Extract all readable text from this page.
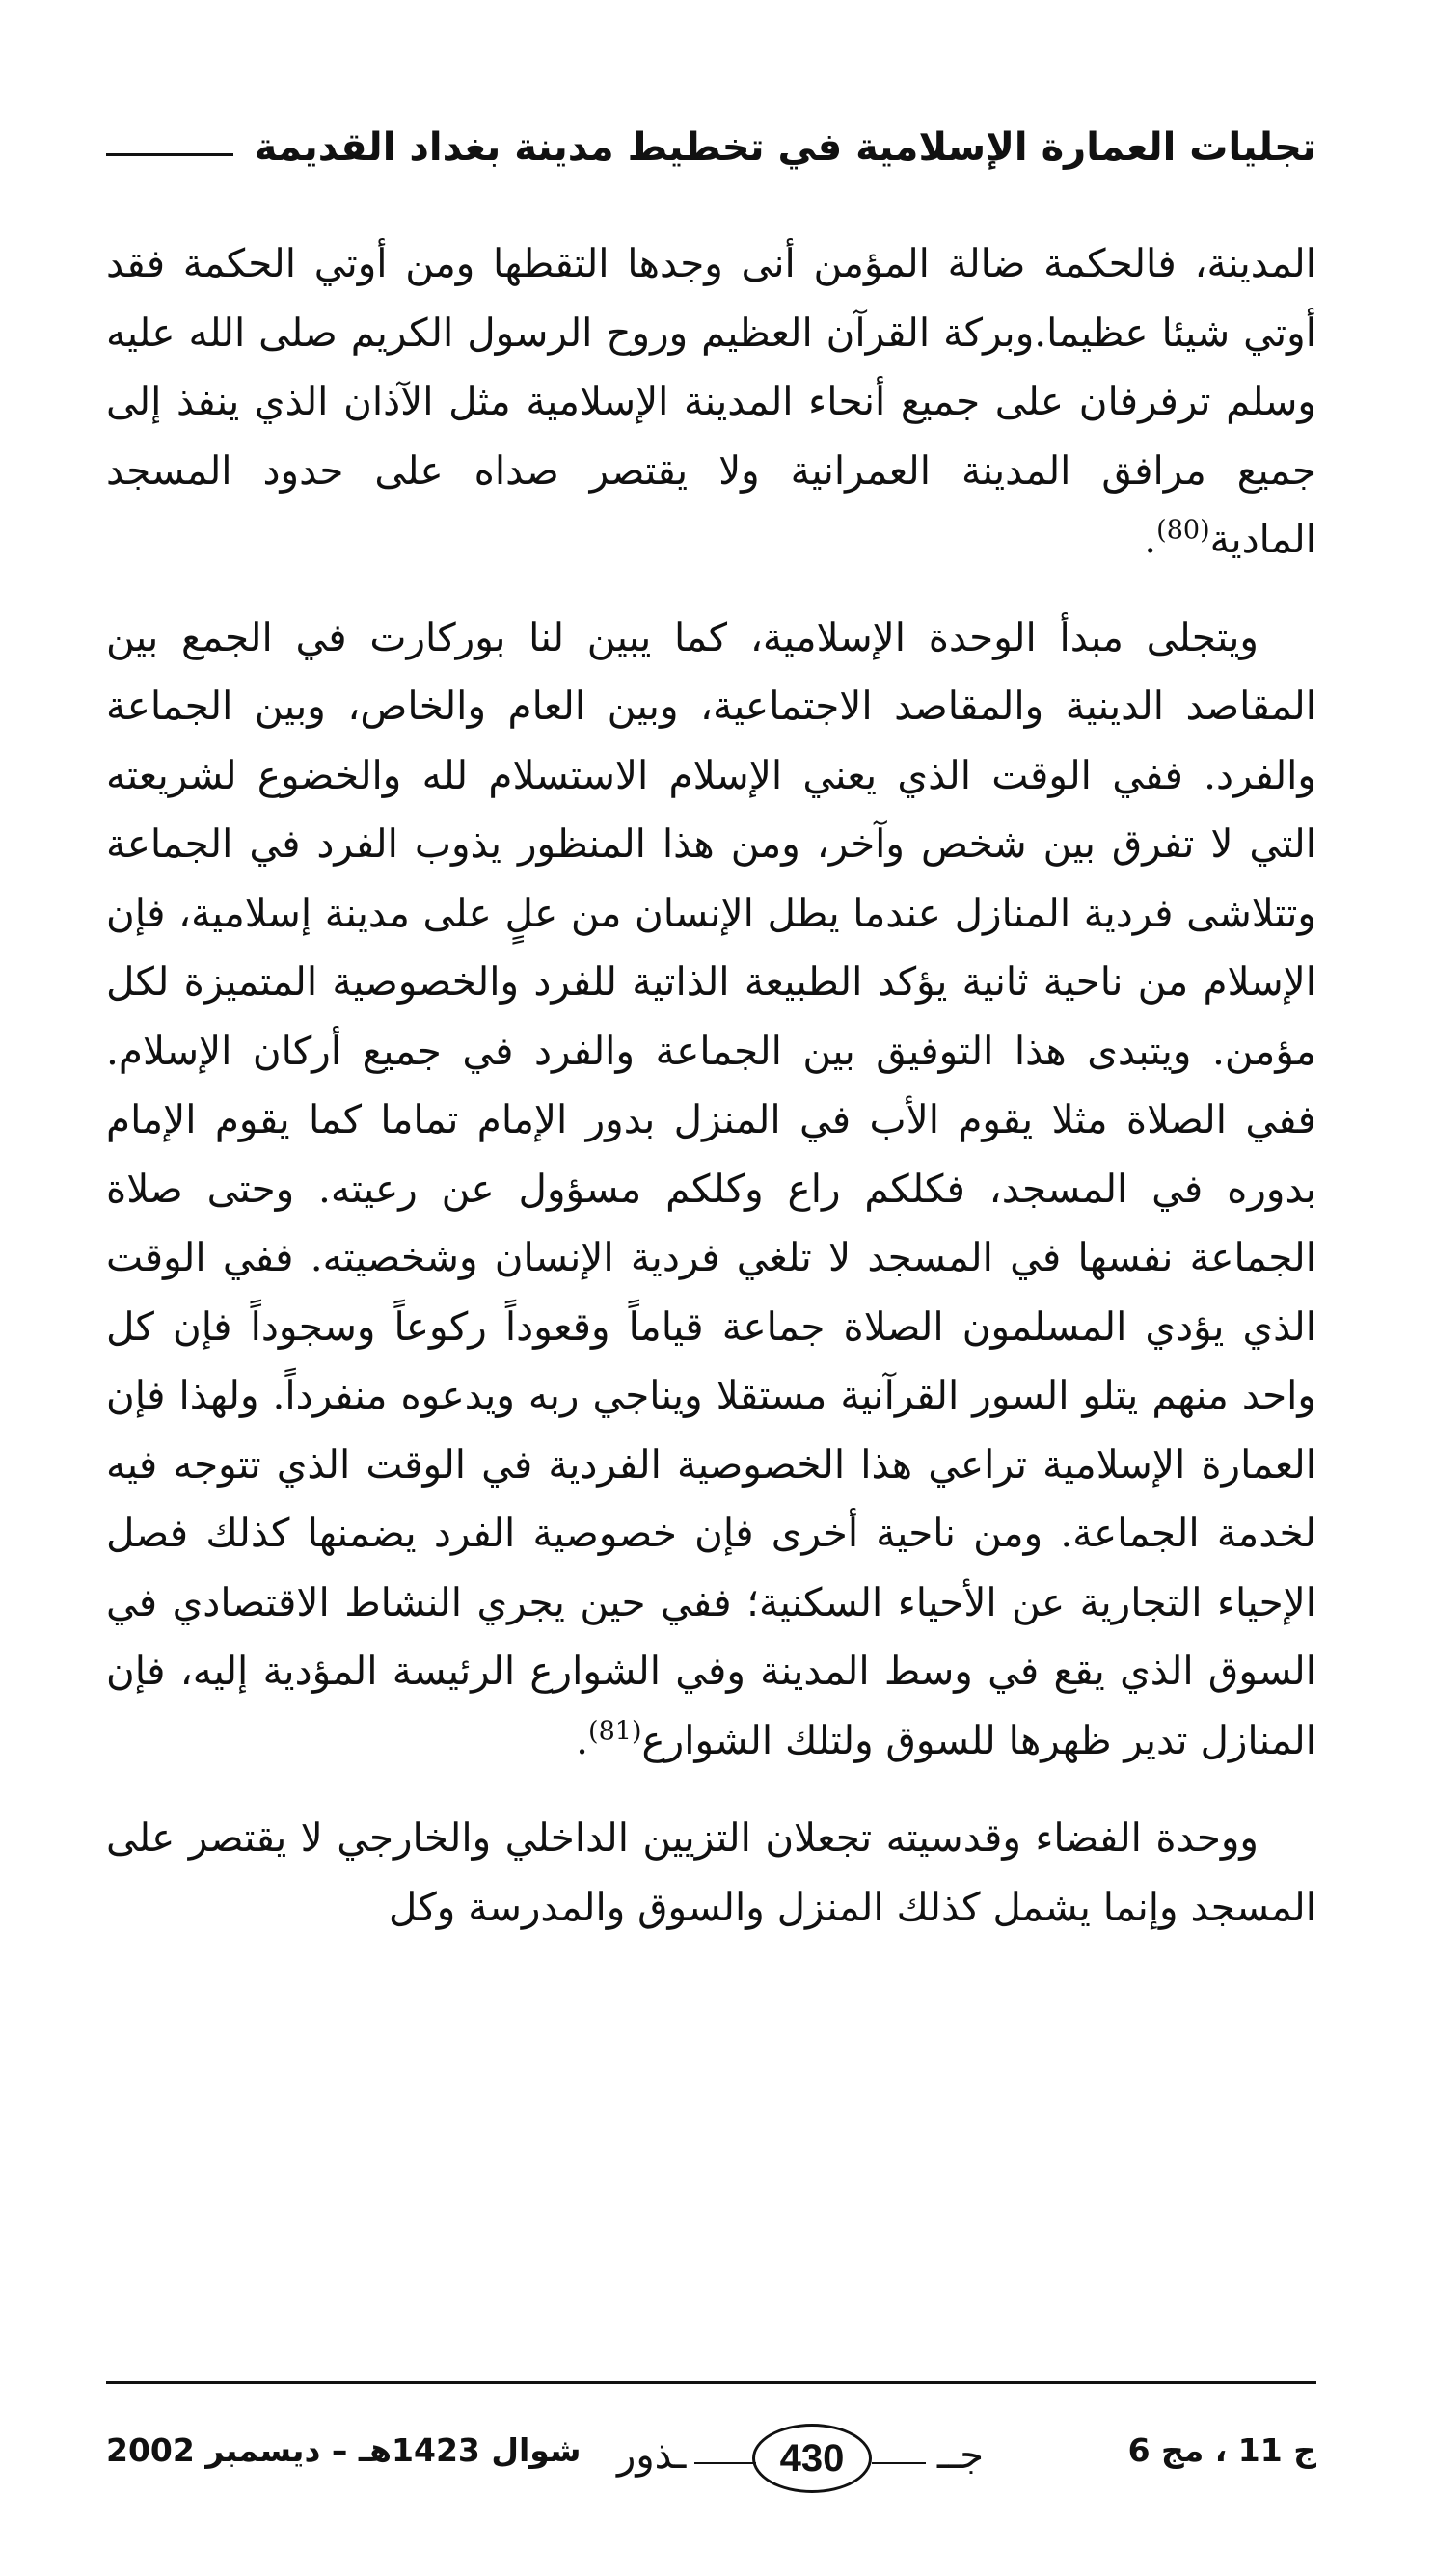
تجليات العمارة الإسلامية في تخطيط مدينة بغداد القديمة

المدينة، فالحكمة ضالة المؤمن أنى وجدها التقطها ومن أوتي الحكمة فقد أوتي شيئا عظيما.وبركة القرآن العظيم وروح الرسول الكريم صلى الله عليه وسلم ترفرفان على جميع أنحاء المدينة الإسلامية مثل الآذان الذي ينفذ إلى جميع مرافق المدينة العمرانية ولا يقتصر صداه على حدود المسجد المادية$^{(80)}$.

ويتجلى مبدأ الوحدة الإسلامية، كما يبين لنا بوركارت في الجمع بين المقاصد الدينية والمقاصد الاجتماعية، وبين العام والخاص، وبين الجماعة والفرد. ففي الوقت الذي يعني الإسلام الاستسلام لله والخضوع لشريعته التي لا تفرق بين شخص وآخر، ومن هذا المنظور يذوب الفرد في الجماعة وتتلاشى فردية المنازل عندما يطل الإنسان من علٍ على مدينة إسلامية، فإن الإسلام من ناحية ثانية يؤكد الطبيعة الذاتية للفرد والخصوصية المتميزة لكل مؤمن. ويتبدى هذا التوفيق بين الجماعة والفرد في جميع أركان الإسلام. ففي الصلاة مثلا يقوم الأب في المنزل بدور الإمام تماما كما يقوم الإمام بدوره في المسجد، فكلكم راع وكلكم مسؤول عن رعيته. وحتى صلاة الجماعة نفسها في المسجد لا تلغي فردية الإنسان وشخصيته. ففي الوقت الذي يؤدي المسلمون الصلاة جماعة قياماً وقعوداً ركوعاً وسجوداً فإن كل واحد منهم يتلو السور القرآنية مستقلا ويناجي ربه ويدعوه منفرداً. ولهذا فإن العمارة الإسلامية تراعي هذا الخصوصية الفردية في الوقت الذي تتوجه فيه لخدمة الجماعة. ومن ناحية أخرى فإن خصوصية الفرد يضمنها كذلك فصل الإحياء التجارية عن الأحياء السكنية؛ ففي حين يجري النشاط الاقتصادي في السوق الذي يقع في وسط المدينة وفي الشوارع الرئيسة المؤدية إليه، فإن المنازل تدير ظهرها للسوق ولتلك الشوارع$^{(81)}$.

ووحدة الفضاء وقدسيته تجعلان التزيين الداخلي والخارجي لا يقتصر على المسجد وإنما يشمل كذلك المنزل والسوق والمدرسة وكل

ج 11 ، مج 6
جــ
430
ـذور
شوال 1423هـ – ديسمبر 2002
